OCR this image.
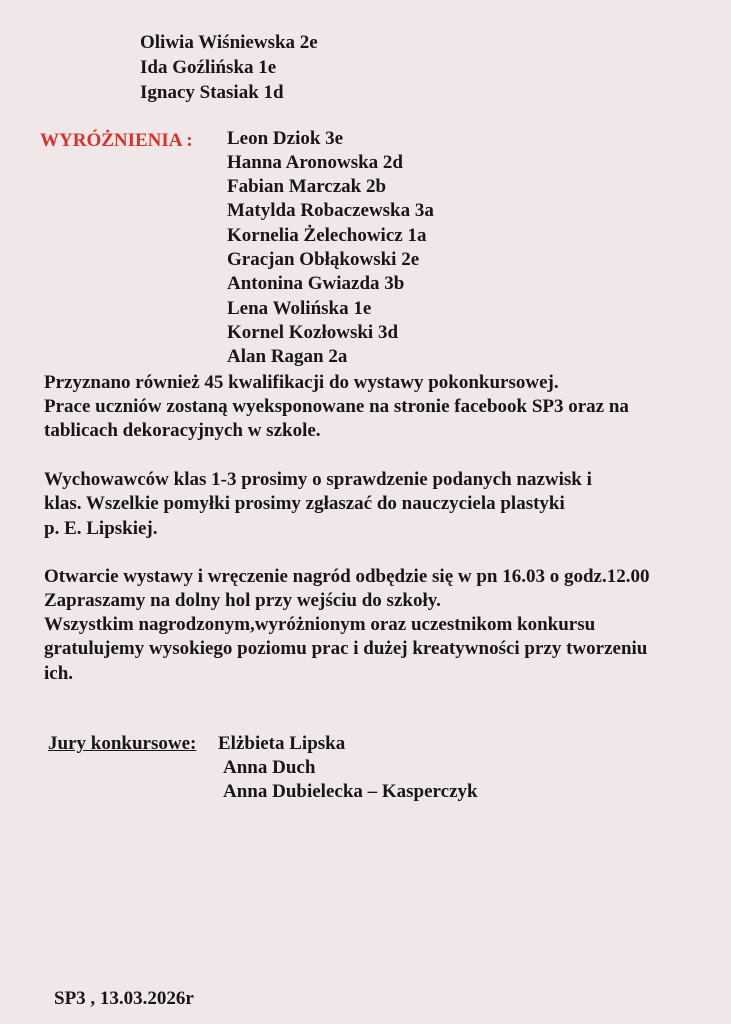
Oliwia Wiśniewska 2e
Ida Goźlińska 1e
Ignacy Stasiak 1d
WYRÓŻNIENIA : Leon Dziok 3e
Hanna Aronowska 2d
Fabian Marczak 2b
Matylda Robaczewska 3a
Kornelia Żelechowicz 1a
Gracjan Obłąkowski 2e
Antonina Gwiazda 3b
Lena Wolińska 1e
Kornel Kozłowski 3d
Alan Ragan 2a
Przyznano również 45 kwalifikacji do wystawy pokonkursowej.
Prace uczniów zostaną wyeksponowane na stronie facebook SP3 oraz na
tablicach dekoracyjnych w szkole.
Wychowawców klas 1-3 prosimy o sprawdzenie podanych nazwisk i
klas. Wszelkie pomyłki prosimy zgłaszać do nauczyciela plastyki
p. E. Lipskiej.
Otwarcie wystawy i wręczenie nagród odbędzie się w pn 16.03 o godz.12.00
Zapraszamy na dolny hol przy wejściu do szkoły.
Wszystkim nagrodzonym,wyróżnionym oraz uczestnikom konkursu
gratulujemy wysokiego poziomu prac i dużej kreatywności przy tworzeniu
ich.
Jury konkursowe: Elżbieta Lipska
Anna Duch
Anna Dubielecka – Kasperczyk
SP3 , 13.03.2026r
